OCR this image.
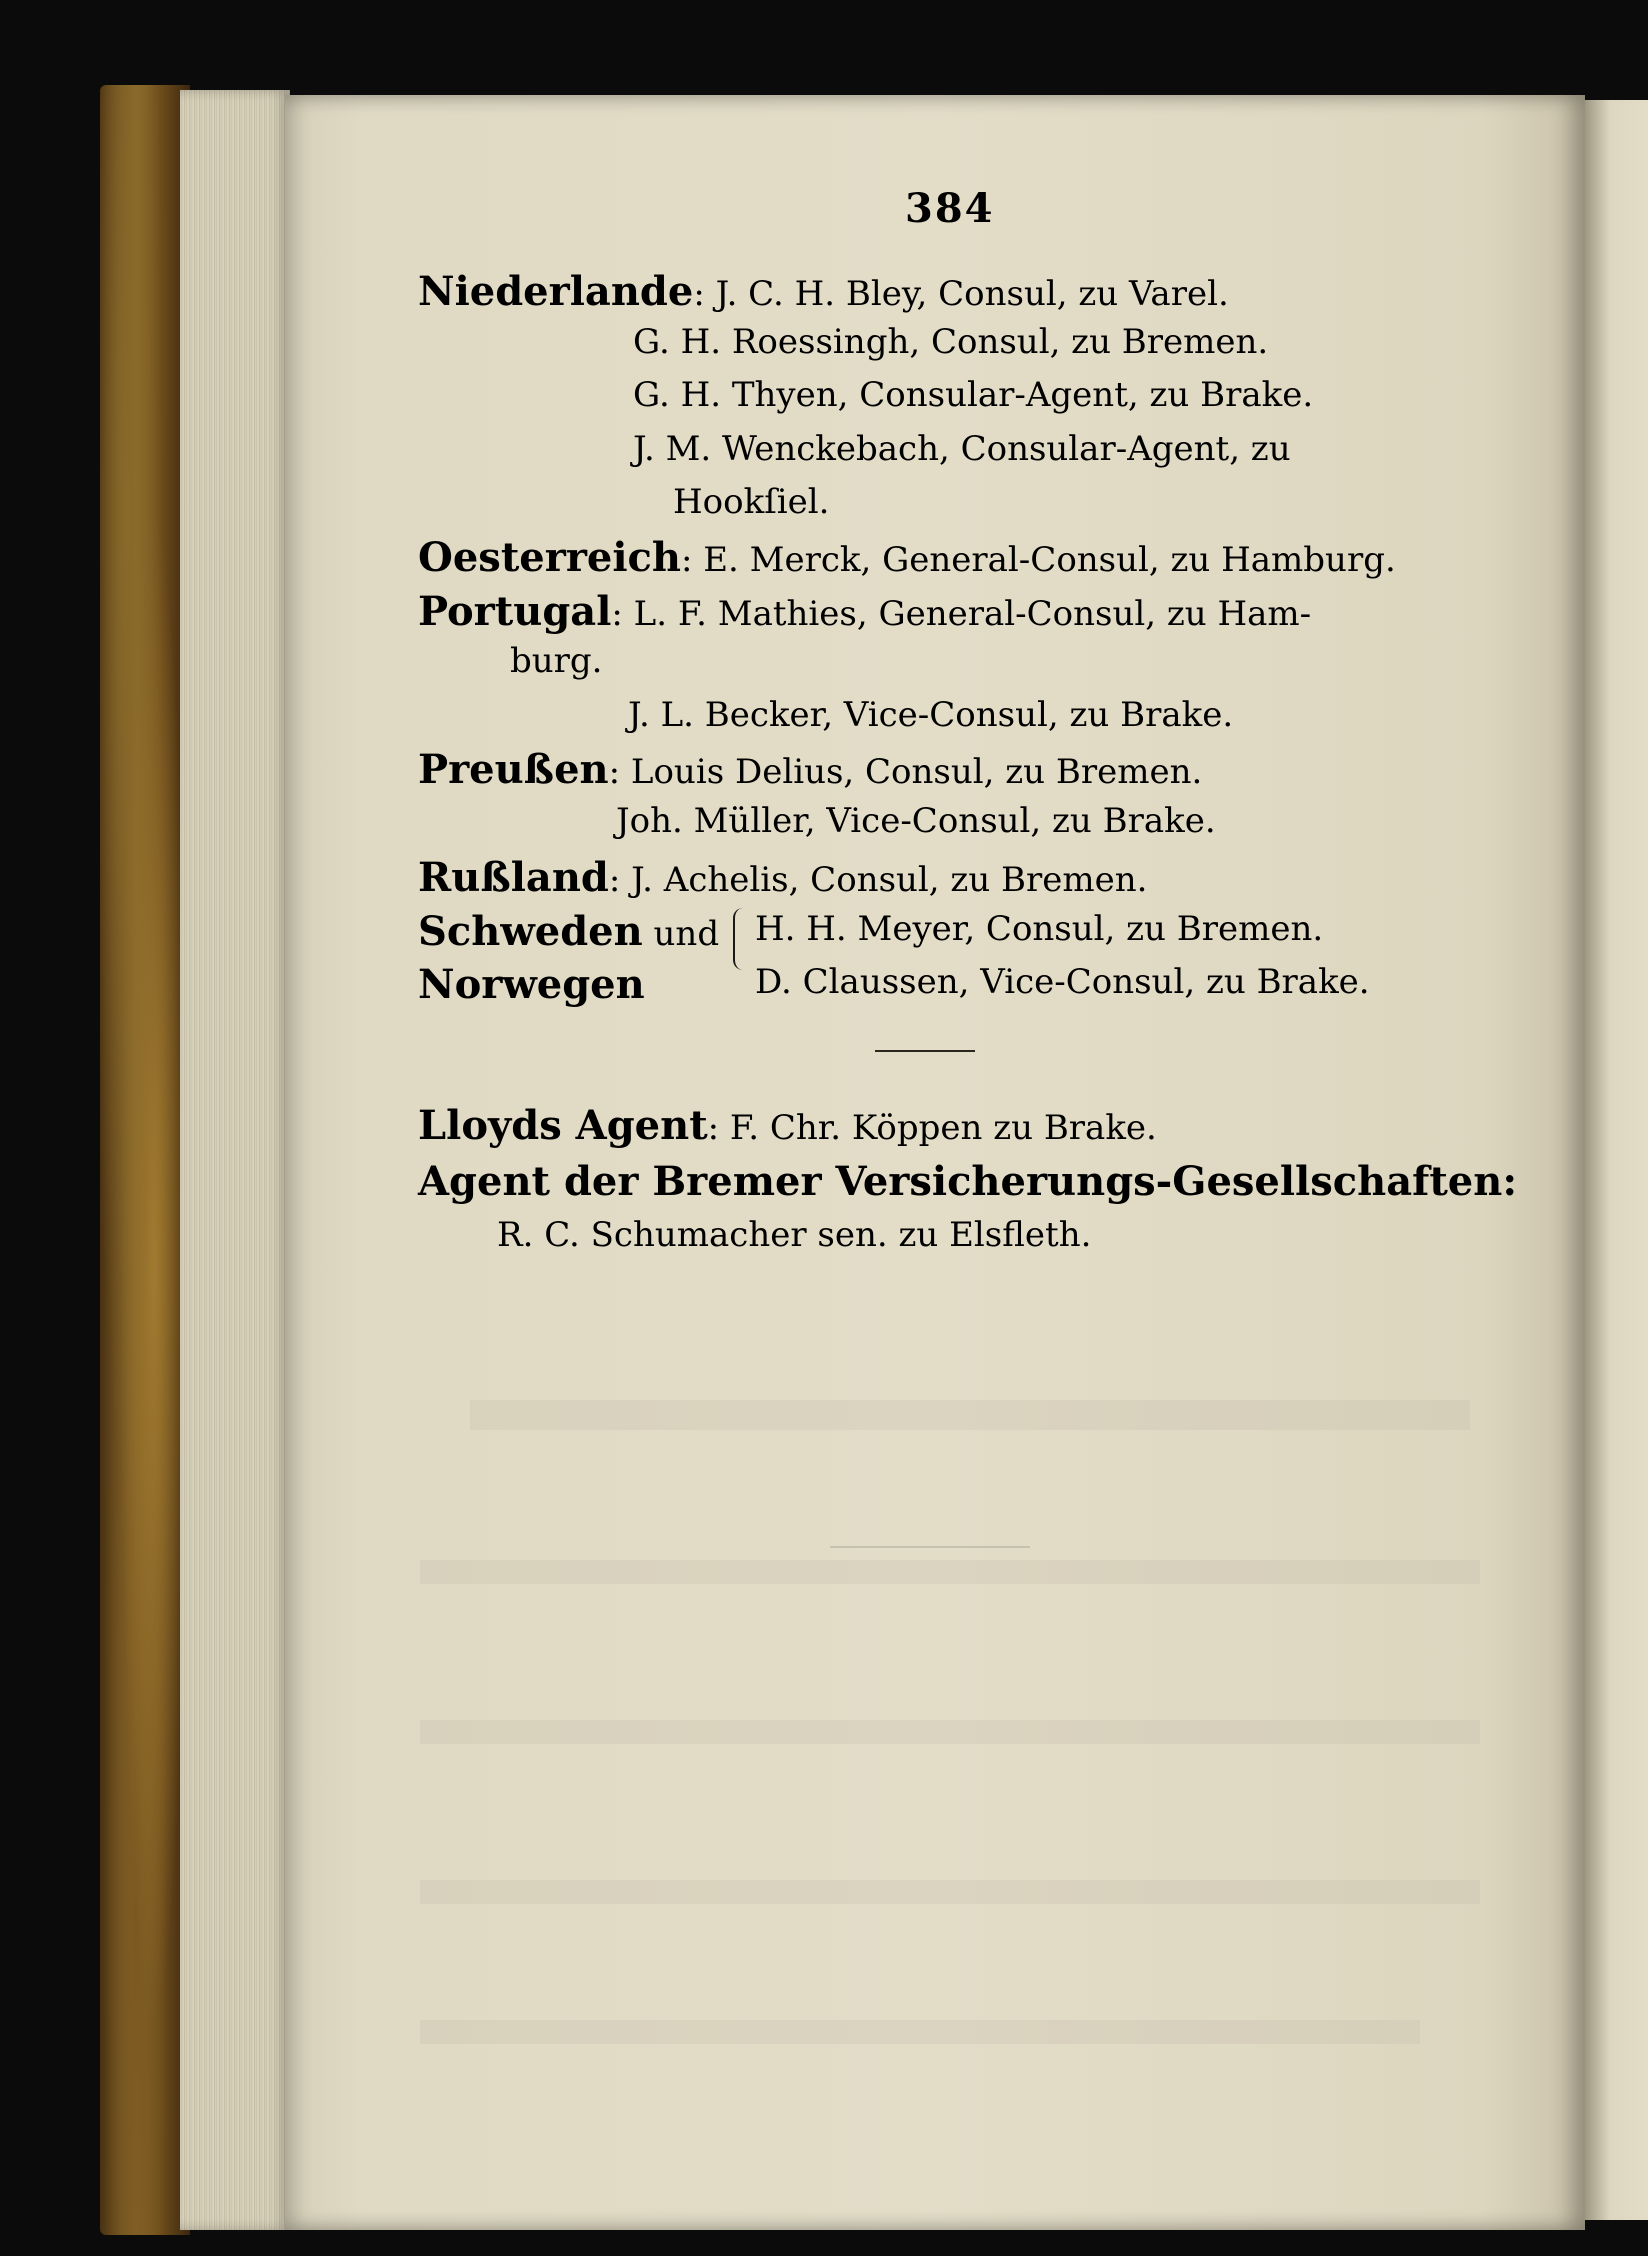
384
Niederlande: J. C. H. Bley, Consul, zu Varel.
G. H. Roessingh, Consul, zu Bremen.
G. H. Thyen, Consular-Agent, zu Brake.
J. M. Wenckebach, Consular-Agent, zu
Hookſiel.
Oesterreich: E. Merck, General-Consul, zu Hamburg.
Portugal: L. F. Mathies, General-Consul, zu Ham-
burg.
J. L. Becker, Vice-Consul, zu Brake.
Preußen: Louis Delius, Consul, zu Bremen.
Joh. Müller, Vice-Consul, zu Brake.
Rußland: J. Achelis, Consul, zu Bremen.
Schweden und H. H. Meyer, Consul, zu Bremen.
Norwegen	D. Claussen, Vice-Consul, zu Brake.
Lloyds Agent: F. Chr. Köppen zu Brake.
Agent der Bremer Versicherungs-Gesellschaften:
R. C. Schumacher sen. zu Elsfleth.
